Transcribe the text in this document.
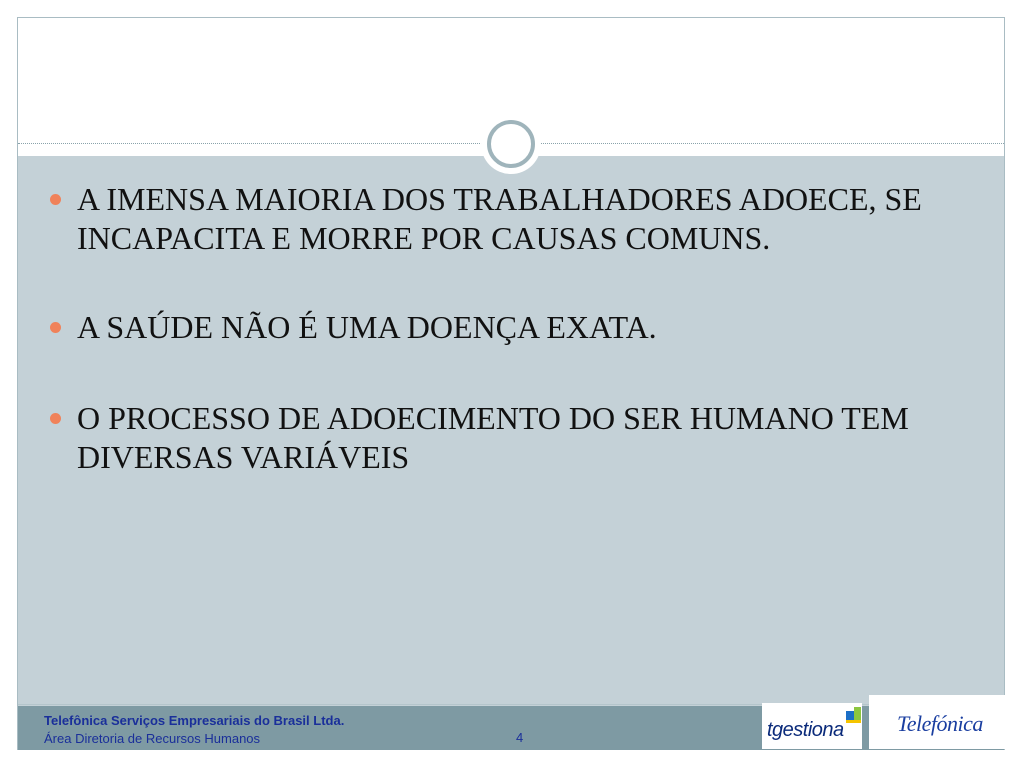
A IMENSA MAIORIA DOS TRABALHADORES ADOECE, SE INCAPACITA E MORRE POR CAUSAS COMUNS.
A SAÚDE NÃO É UMA DOENÇA EXATA.
O PROCESSO DE ADOECIMENTO DO SER HUMANO TEM DIVERSAS VARIÁVEIS
Telefônica Serviços Empresariais do Brasil Ltda.
Área Diretoria de Recursos Humanos	4	tgestiona Telefónica
